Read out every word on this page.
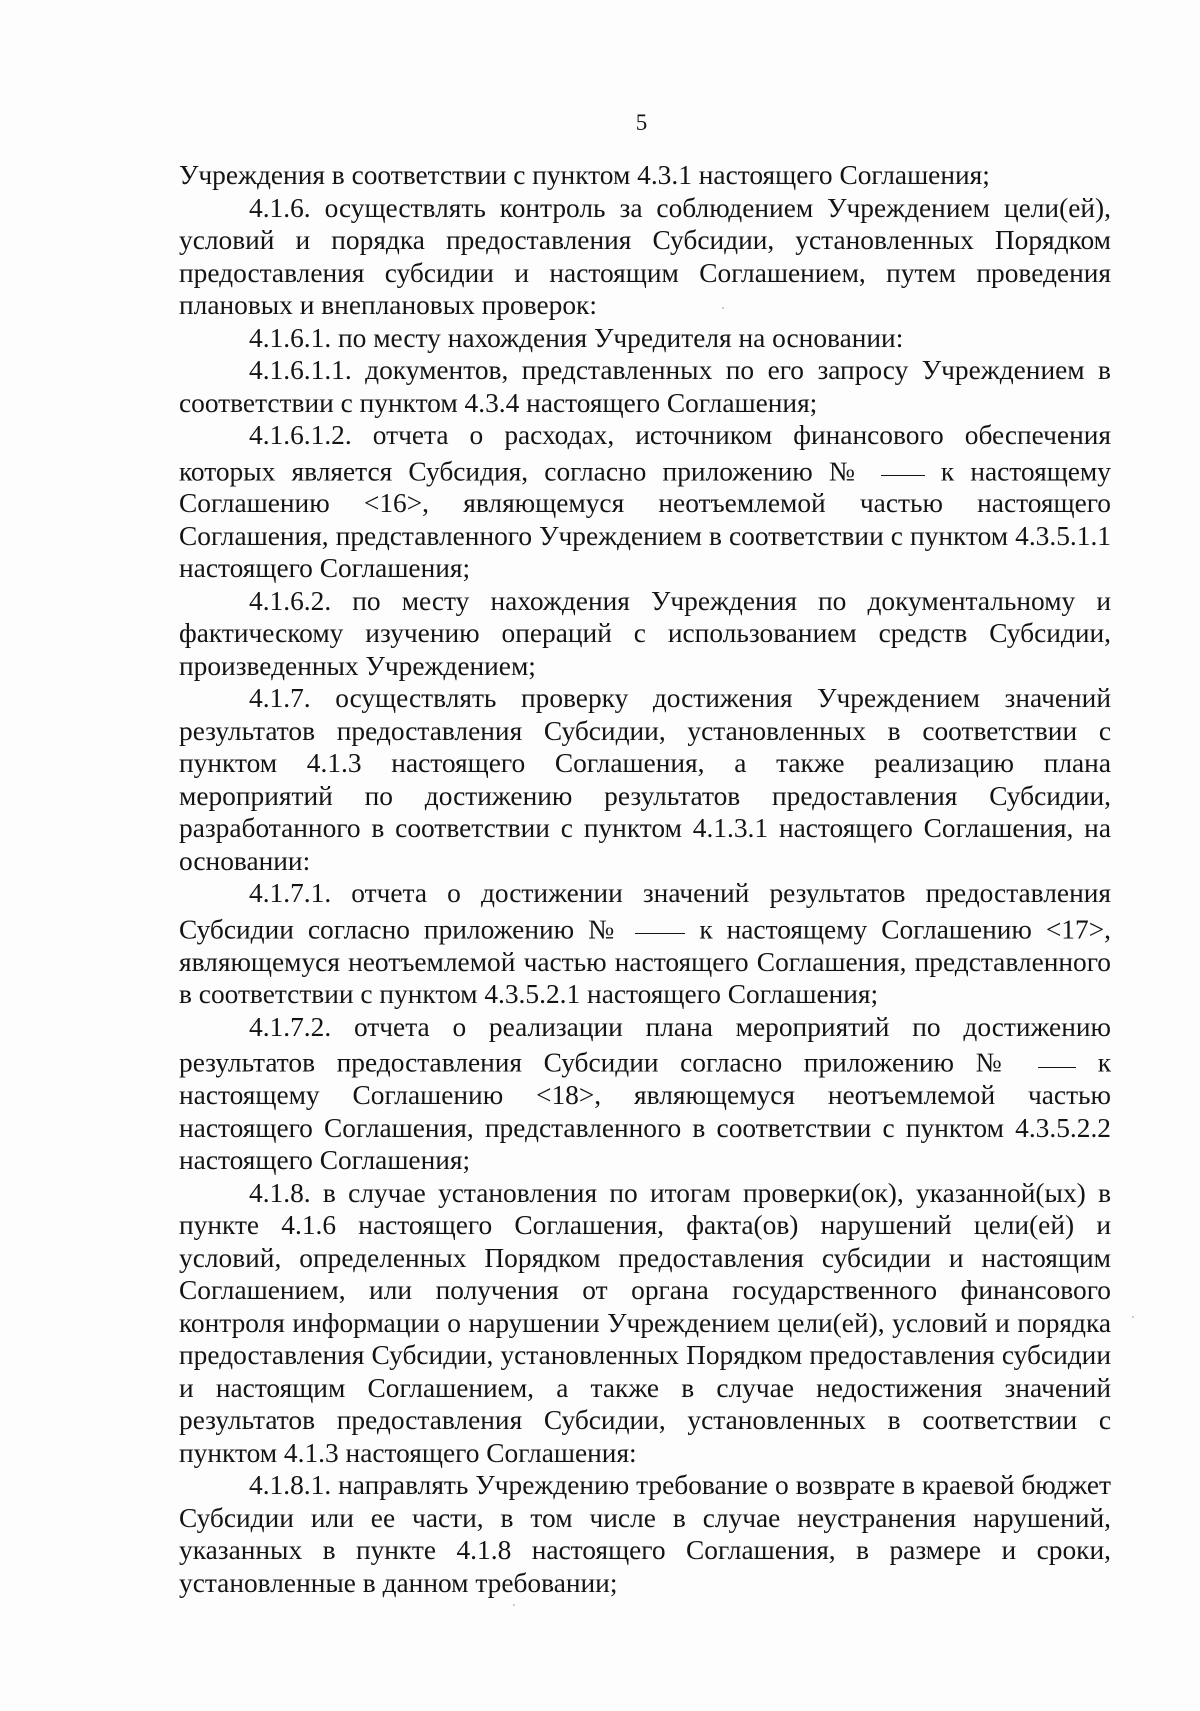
5

Учреждения в соответствии с пунктом 4.3.1 настоящего Соглашения;

4.1.6. осуществлять контроль за соблюдением Учреждением цели(ей), условий и порядка предоставления Субсидии, установленных Порядком предоставления субсидии и настоящим Соглашением, путем проведения плановых и внеплановых проверок:

4.1.6.1. по месту нахождения Учредителя на основании:

4.1.6.1.1. документов, представленных по его запросу Учреждением в соответствии с пунктом 4.3.4 настоящего Соглашения;

4.1.6.1.2. отчета о расходах, источником финансового обеспечения которых является Субсидия, согласно приложению №	к настоящему Соглашению <16>, являющемуся неотъемлемой частью настоящего Соглашения, представленного Учреждением в соответствии с пунктом 4.3.5.1.1 настоящего Соглашения;

4.1.6.2. по месту нахождения Учреждения по документальному и фактическому изучению операций с использованием средств Субсидии, произведенных Учреждением;

4.1.7. осуществлять проверку достижения Учреждением значений результатов предоставления Субсидии, установленных в соответствии с пунктом 4.1.3 настоящего Соглашения, а также реализацию плана мероприятий по достижению результатов предоставления Субсидии, разработанного в соответствии с пунктом 4.1.3.1 настоящего Соглашения, на основании:

4.1.7.1. отчета о достижении значений результатов предоставления Субсидии согласно приложению №	к настоящему Соглашению <17>, являющемуся неотъемлемой частью настоящего Соглашения, представленного в соответствии с пунктом 4.3.5.2.1 настоящего Соглашения;

4.1.7.2. отчета о реализации плана мероприятий по достижению результатов предоставления Субсидии согласно приложению №	к настоящему Соглашению <18>, являющемуся неотъемлемой частью настоящего Соглашения, представленного в соответствии с пунктом 4.3.5.2.2 настоящего Соглашения;

4.1.8. в случае установления по итогам проверки(ок), указанной(ых) в пункте 4.1.6 настоящего Соглашения, факта(ов) нарушений цели(ей) и условий, определенных Порядком предоставления субсидии и настоящим Соглашением, или получения от органа государственного финансового контроля информации о нарушении Учреждением цели(ей), условий и порядка предоставления Субсидии, установленных Порядком предоставления субсидии и настоящим Соглашением, а также в случае недостижения значений результатов предоставления Субсидии, установленных в соответствии с пунктом 4.1.3 настоящего Соглашения:

4.1.8.1. направлять Учреждению требование о возврате в краевой бюджет Субсидии или ее части, в том числе в случае неустранения нарушений, указанных в пункте 4.1.8 настоящего Соглашения, в размере и сроки, установленные в данном требовании;
